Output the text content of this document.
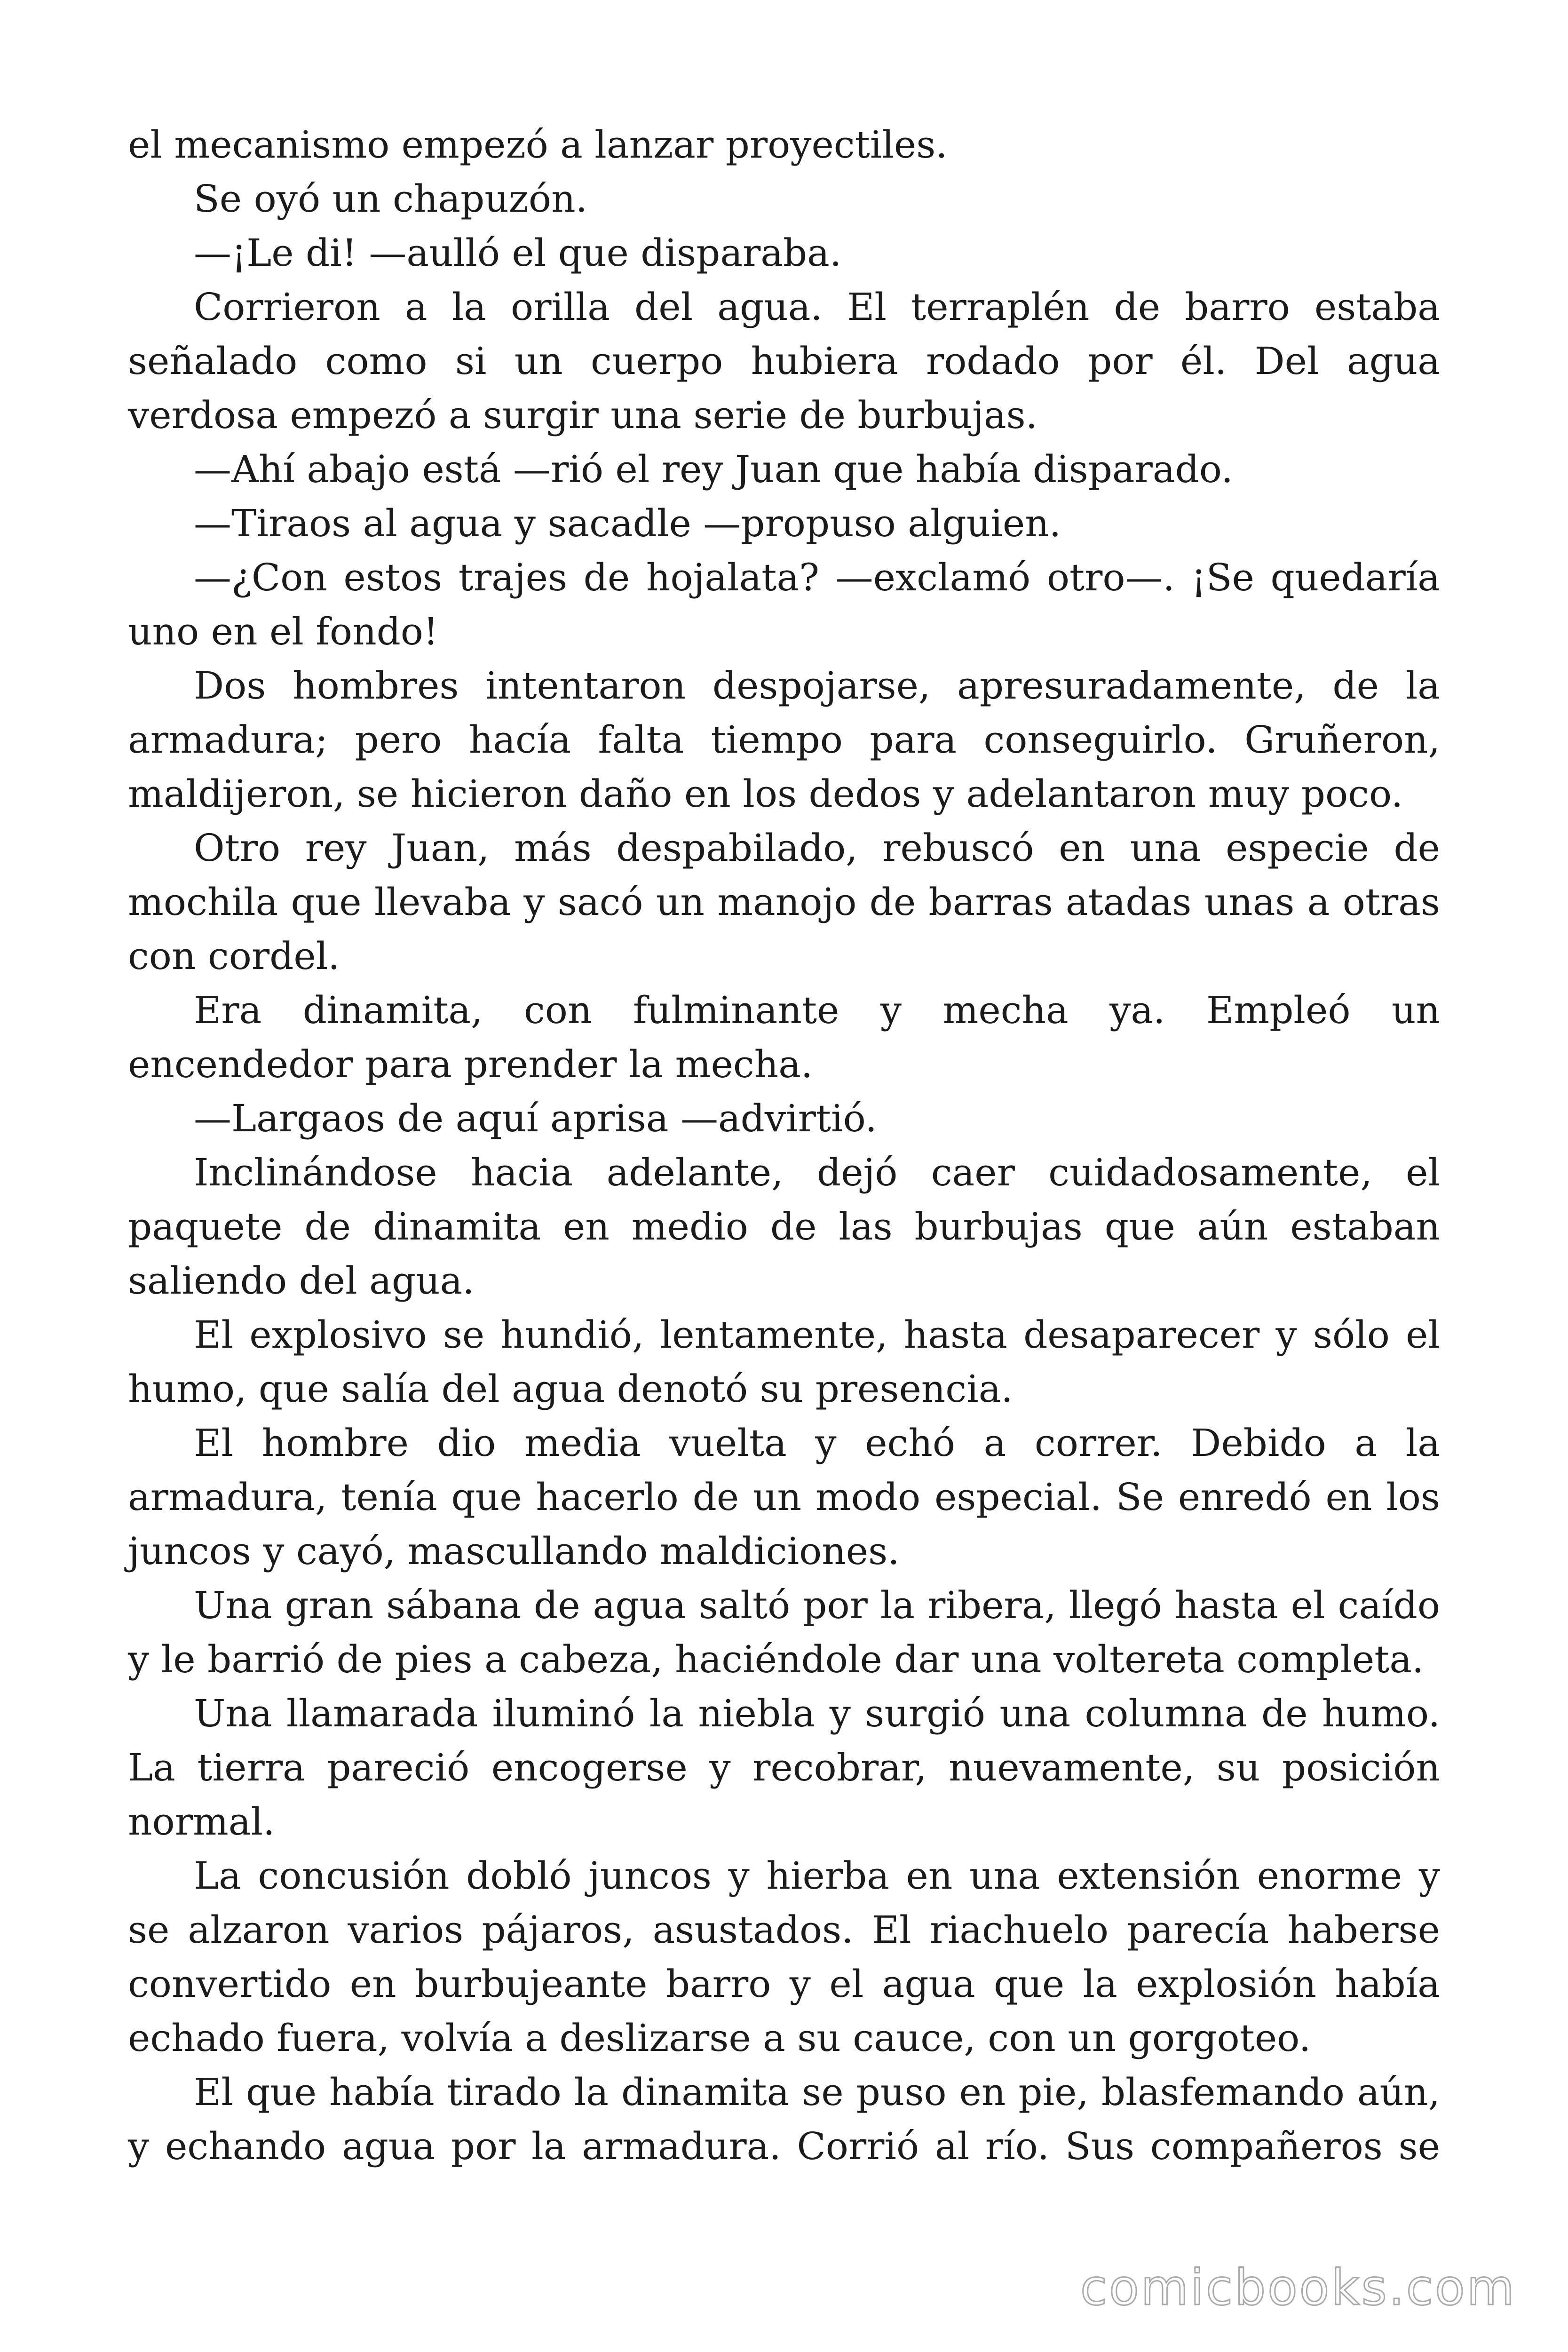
el mecanismo empezó a lanzar proyectiles.

Se oyó un chapuzón.

—¡Le di! —aulló el que disparaba.

Corrieron a la orilla del agua. El terraplén de barro estaba señalado como si un cuerpo hubiera rodado por él. Del agua verdosa empezó a surgir una serie de burbujas.

—Ahí abajo está —rió el rey Juan que había disparado.

—Tiraos al agua y sacadle —propuso alguien.

—¿Con estos trajes de hojalata? —exclamó otro—. ¡Se quedaría uno en el fondo!

Dos hombres intentaron despojarse, apresuradamente, de la armadura; pero hacía falta tiempo para conseguirlo. Gruñeron, maldijeron, se hicieron daño en los dedos y adelantaron muy poco.

Otro rey Juan, más despabilado, rebuscó en una especie de mochila que llevaba y sacó un manojo de barras atadas unas a otras con cordel.

Era dinamita, con fulminante y mecha ya. Empleó un encendedor para prender la mecha.

—Largaos de aquí aprisa —advirtió.

Inclinándose hacia adelante, dejó caer cuidadosamente, el paquete de dinamita en medio de las burbujas que aún estaban saliendo del agua.

El explosivo se hundió, lentamente, hasta desaparecer y sólo el humo, que salía del agua denotó su presencia.

El hombre dio media vuelta y echó a correr. Debido a la armadura, tenía que hacerlo de un modo especial. Se enredó en los juncos y cayó, mascullando maldiciones.

Una gran sábana de agua saltó por la ribera, llegó hasta el caído y le barrió de pies a cabeza, haciéndole dar una voltereta completa.

Una llamarada iluminó la niebla y surgió una columna de humo. La tierra pareció encogerse y recobrar, nuevamente, su posición normal.

La concusión dobló juncos y hierba en una extensión enorme y se alzaron varios pájaros, asustados. El riachuelo parecía haberse convertido en burbujeante barro y el agua que la explosión había echado fuera, volvía a deslizarse a su cauce, con un gorgoteo.

El que había tirado la dinamita se puso en pie, blasfemando aún, y echando agua por la armadura. Corrió al río. Sus compañeros se

comicbooks.com
